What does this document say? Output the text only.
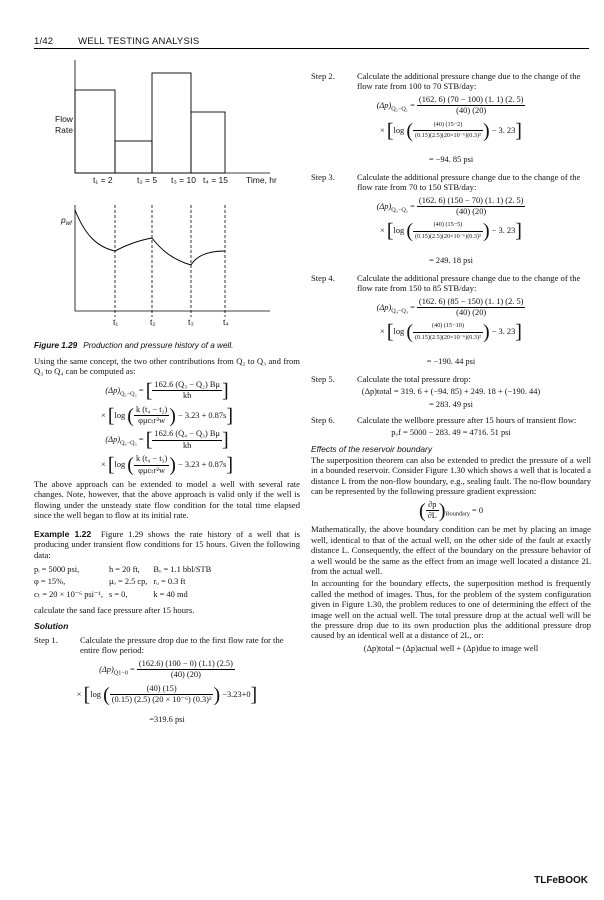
1/42	WELL TESTING ANALYSIS
Flow
Rate
t₁ = 2	t₂ = 5 t₃ = 10 t₄ = 15 Time, hr
$p_{wf}$
t₁	t₂	t₃	t₄
Figure 1.29 Production and pressure history of a well.

Using the same concept, the two other contributions from Q₂ to Q₃ and from Q₃ to Q₄ can be computed as:

$(\Delta p)_{Q_3-Q_2}$ = [ $\frac{\text{162.6 (Q₃ − Q₂) Bμ}}{kh}$ ]
× [log ( $\frac{\text{k (t₄ − t₂)}}{\text{φμcₜr²w}}$ ) − 3.23 + 0.87s]
$(\Delta p)_{Q_4-Q_3}$ = [ $\frac{\text{162.6 (Q₄ − Q₃) Bμ}}{kh}$ ]
× [log ( $\frac{\text{k (t₄ − t₃)}}{\text{φμcₜr²w}}$ ) − 3.23 + 0.87s]

The above approach can be extended to model a well with several rate changes. Note, however, that the above approach is valid only if the well is flowing under the unsteady state flow condition for the total time elapsed since the well began to flow at its initial rate.

Example 1.22 Figure 1.29 shows the rate history of a well that is producing under transient flow conditions for 15 hours. Given the following data:

pᵢ = 5000 psi,	h = 20 ft,	Bₒ = 1.1 bbl/STB
φ = 15%,	μₒ = 2.5 cp,	rᵤ = 0.3 ft
cₜ = 20 × 10⁻⁶ psi⁻¹,	s = 0,	k = 40 md

calculate the sand face pressure after 15 hours.

Solution
Step 1.	Calculate the pressure drop due to the first flow rate for the entire flow period:
$(\Delta p)_{Q1-0} = \frac{(162.6) (100 - 0) (1.1) (2.5)}{(40) (20)}$
× [log ( $\frac{(40) (15)}{\text{(0.15) (2.5) (20 × 10⁻⁶) (0.3)²}}$ ) −3.23+0]
=319.6 psi
Step 2.	Calculate the additional pressure change due to the change of the flow rate from 100 to 70 STB/day:
$(\Delta p)_{Q_2-Q_1} = \frac{(162. 6) (70 - 100) (1. 1) (2. 5)}{(40) (20)}$
× [log ( $\frac{(40) (15-2)}{\text{(0.15)(2.5)(20×10⁻⁶)(0.3)²}}$ ) − 3. 23]
= −94. 85 psi
Step 3.	Calculate the additional pressure change due to the change of the flow rate from 70 to 150 STB/day:
$(\Delta p)_{Q_3-Q_2} = \frac{(162. 6) (150 - 70) (1. 1) (2. 5)}{(40) (20)}$
× [log ( $\frac{(40) (15-5)}{\text{(0.15)(2.5)(20×10⁻⁶)(0.3)²}}$ ) − 3. 23]
= 249. 18 psi
Step 4.	Calculate the additional pressure change due to the change of the flow rate from 150 to 85 STB/day:
$(\Delta p)_{Q_4-Q_3} = \frac{(162. 6) (85 - 150) (1. 1) (2. 5)}{(40) (20)}$
× [log ( $\frac{(40) (15-10)}{\text{(0.15)(2.5)(20×10⁻⁶)(0.3)²}}$ ) − 3. 23]
= −190. 44 psi
Step 5.	Calculate the total pressure drop:
(Δp)total = 319. 6 + (−94. 85) + 249. 18 + (−190. 44)
= 283. 49 psi
Step 6.	Calculate the wellbore pressure after 15 hours of transient flow:
pᵤf = 5000 − 283. 49 = 4716. 51 psi
Effects of the reservoir boundary

The superposition theorem can also be extended to predict the pressure of a well in a bounded reservoir. Consider Figure 1.30 which shows a well that is located a distance L from the non-flow boundary, e.g., sealing fault. The no-flow boundary can be represented by the following pressure gradient expression:

( $\frac{\partial p}{\partial L} )_{Boundary} = 0$

Mathematically, the above boundary condition can be met by placing an image well, identical to that of the actual well, on the other side of the fault at exactly distance L. Consequently, the effect of the boundary on the pressure behavior of a well would be the same as the effect from an image well located a distance 2L from the actual well.

In accounting for the boundary effects, the superposition method is frequently called the method of images. Thus, for the problem of the system configuration given in Figure 1.30, the problem reduces to one of determining the effect of the image well on the actual well. The total pressure drop at the actual well will be the pressure drop due to its own production plus the additional pressure drop caused by an identical well at a distance of 2L, or:

(Δp)total = (Δp)actual well + (Δp)due to image well
TLFeBOOK
